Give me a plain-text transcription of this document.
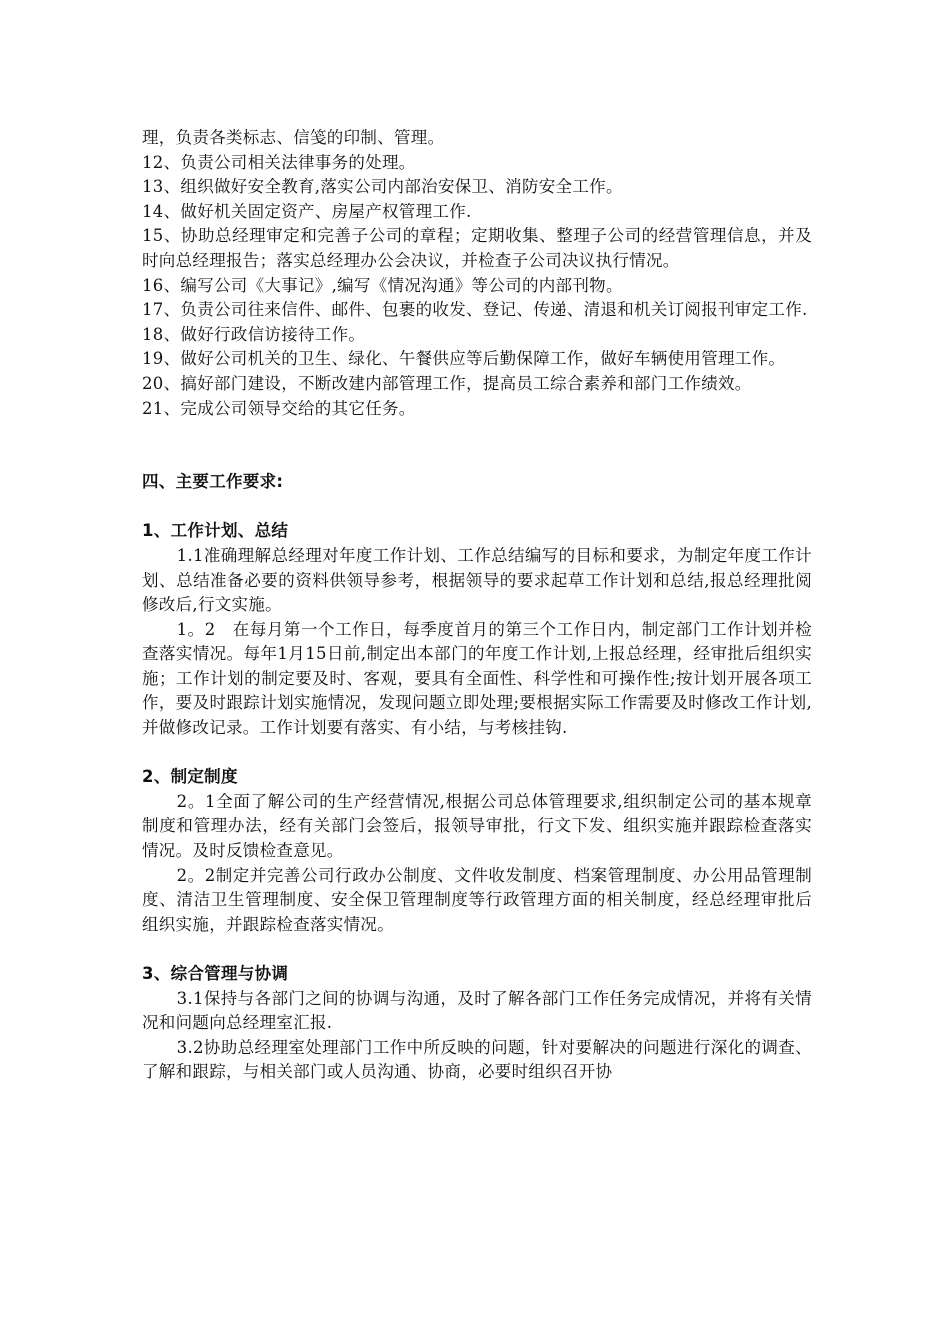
理，负责各类标志、信笺的印制、管理。

12、负责公司相关法律事务的处理。

13、组织做好安全教育,落实公司内部治安保卫、消防安全工作。

14、做好机关固定资产、房屋产权管理工作.

15、协助总经理审定和完善子公司的章程；定期收集、整理子公司的经营管理信息，并及时向总经理报告；落实总经理办公会决议，并检查子公司决议执行情况。

16、编写公司《大事记》,编写《情况沟通》等公司的内部刊物。

17、负责公司往来信件、邮件、包裹的收发、登记、传递、清退和机关订阅报刊审定工作.

18、做好行政信访接待工作。

19、做好公司机关的卫生、绿化、午餐供应等后勤保障工作，做好车辆使用管理工作。

20、搞好部门建设，不断改建内部管理工作，提高员工综合素养和部门工作绩效。

21、完成公司领导交给的其它任务。

四、主要工作要求:

1、工作计划、总结

1.1准确理解总经理对年度工作计划、工作总结编写的目标和要求，为制定年度工作计划、总结准备必要的资料供领导参考，根据领导的要求起草工作计划和总结,报总经理批阅修改后,行文实施。

1。2　在每月第一个工作日，每季度首月的第三个工作日内，制定部门工作计划并检查落实情况。每年1月15日前,制定出本部门的年度工作计划,上报总经理，经审批后组织实施；工作计划的制定要及时、客观，要具有全面性、科学性和可操作性;按计划开展各项工作，要及时跟踪计划实施情况，发现问题立即处理;要根据实际工作需要及时修改工作计划,并做修改记录。工作计划要有落实、有小结，与考核挂钩.

2、制定制度

2。1全面了解公司的生产经营情况,根据公司总体管理要求,组织制定公司的基本规章制度和管理办法，经有关部门会签后，报领导审批，行文下发、组织实施并跟踪检查落实情况。及时反馈检查意见。

2。2制定并完善公司行政办公制度、文件收发制度、档案管理制度、办公用品管理制度、清洁卫生管理制度、安全保卫管理制度等行政管理方面的相关制度，经总经理审批后组织实施，并跟踪检查落实情况。

3、综合管理与协调

3.1保持与各部门之间的协调与沟通，及时了解各部门工作任务完成情况，并将有关情况和问题向总经理室汇报.

3.2协助总经理室处理部门工作中所反映的问题，针对要解决的问题进行深化的调查、了解和跟踪，与相关部门或人员沟通、协商，必要时组织召开协
